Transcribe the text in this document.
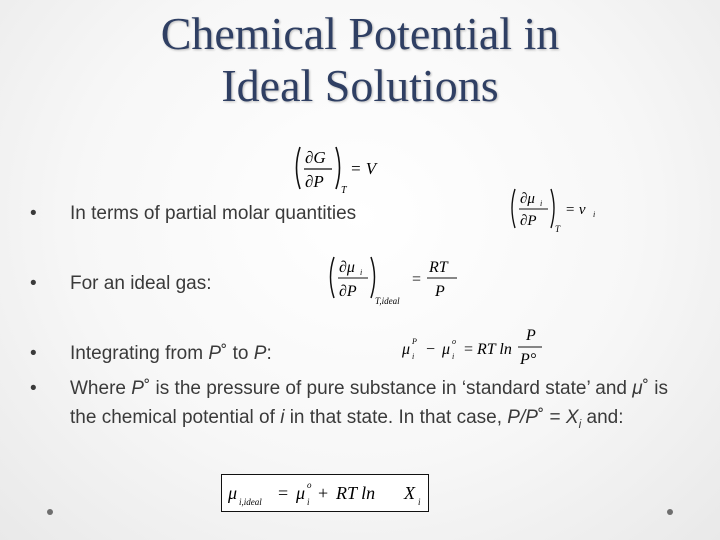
Chemical Potential in
Ideal Solutions
∂G
∂P T
= V
• In terms of partial molar quantities
∂μ i
∂P T
= v i
• For an ideal gas:
∂μ i
∂P
T,ideal
=
RT
P
μ P
i − μ o
i = RT ln
P
P°
• Integrating from P˚ to P:
• Where P˚ is the pressure of pure substance in ‘standard state’ and μ˚ is the chemical potential of i in that state. In that case, P/P˚ = $X_i$ and:
μ i,ideal = μ o
i + RT ln X i
